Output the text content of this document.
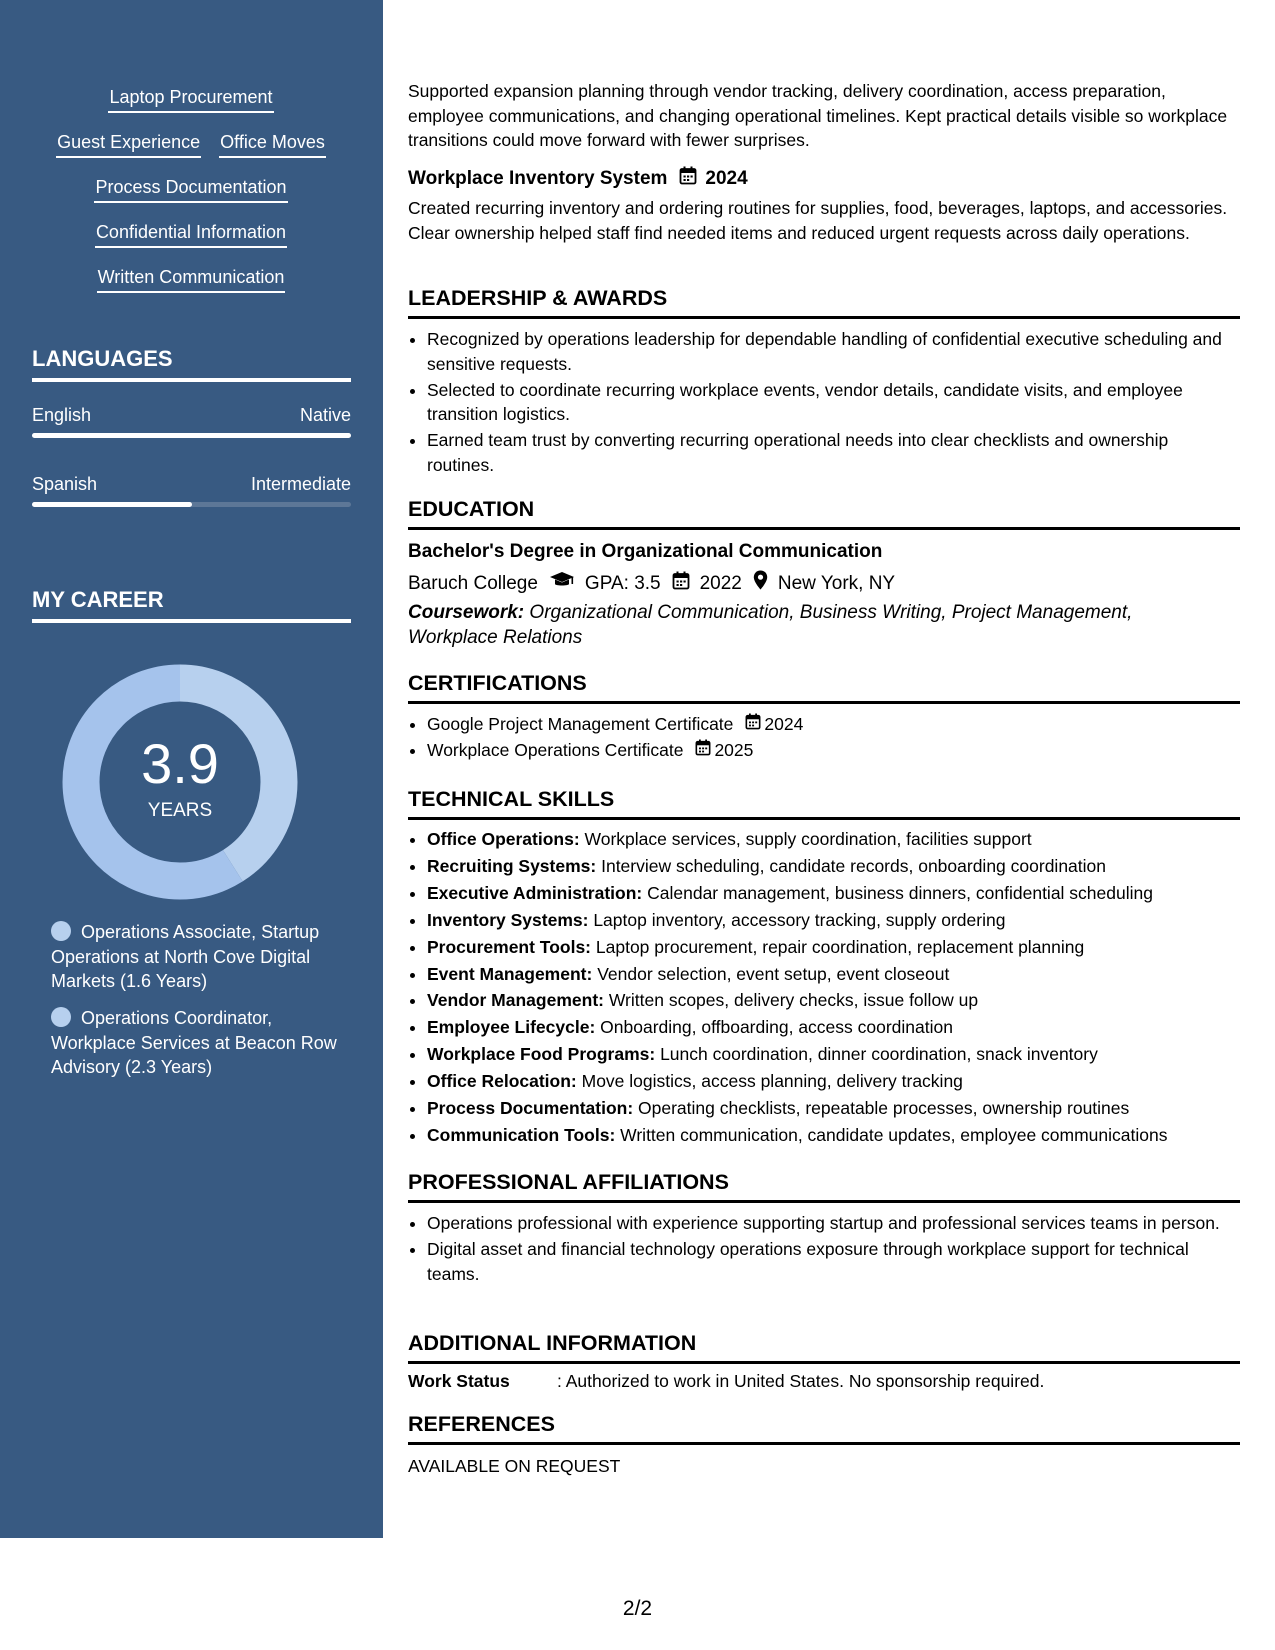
Laptop Procurement
Guest Experience Office Moves
Process Documentation
Confidential Information
Written Communication
LANGUAGES
English	Native
Spanish	Intermediate
MY CAREER
3.9
YEARS
Operations Associate, Startup Operations at North Cove Digital Markets (1.6 Years)
Operations Coordinator, Workplace Services at Beacon Row Advisory (2.3 Years)

Supported expansion planning through vendor tracking, delivery coordination, access preparation, employee communications, and changing operational timelines. Kept practical details visible so workplace transitions could move forward with fewer surprises.

Workplace Inventory System 2024

Created recurring inventory and ordering routines for supplies, food, beverages, laptops, and accessories. Clear ownership helped staff find needed items and reduced urgent requests across daily operations.

LEADERSHIP & AWARDS
• Recognized by operations leadership for dependable handling of confidential executive scheduling and sensitive requests.
• Selected to coordinate recurring workplace events, vendor details, candidate visits, and employee transition logistics.
• Earned team trust by converting recurring operational needs into clear checklists and ownership routines.
EDUCATION
Bachelor's Degree in Organizational Communication
Baruch College GPA: 3.5 2022 New York, NY

Coursework: Organizational Communication, Business Writing, Project Management, Workplace Relations

CERTIFICATIONS
• Google Project Management Certificate 2024
• Workplace Operations Certificate 2025
TECHNICAL SKILLS
• Office Operations: Workplace services, supply coordination, facilities support
• Recruiting Systems: Interview scheduling, candidate records, onboarding coordination
• Executive Administration: Calendar management, business dinners, confidential scheduling
• Inventory Systems: Laptop inventory, accessory tracking, supply ordering
• Procurement Tools: Laptop procurement, repair coordination, replacement planning
• Event Management: Vendor selection, event setup, event closeout
• Vendor Management: Written scopes, delivery checks, issue follow up
• Employee Lifecycle: Onboarding, offboarding, access coordination
• Workplace Food Programs: Lunch coordination, dinner coordination, snack inventory
• Office Relocation: Move logistics, access planning, delivery tracking
• Process Documentation: Operating checklists, repeatable processes, ownership routines
• Communication Tools: Written communication, candidate updates, employee communications
PROFESSIONAL AFFILIATIONS
• Operations professional with experience supporting startup and professional services teams in person.
• Digital asset and financial technology operations exposure through workplace support for technical teams.
ADDITIONAL INFORMATION
Work Status	: Authorized to work in United States. No sponsorship required.
REFERENCES
AVAILABLE ON REQUEST
2/2
